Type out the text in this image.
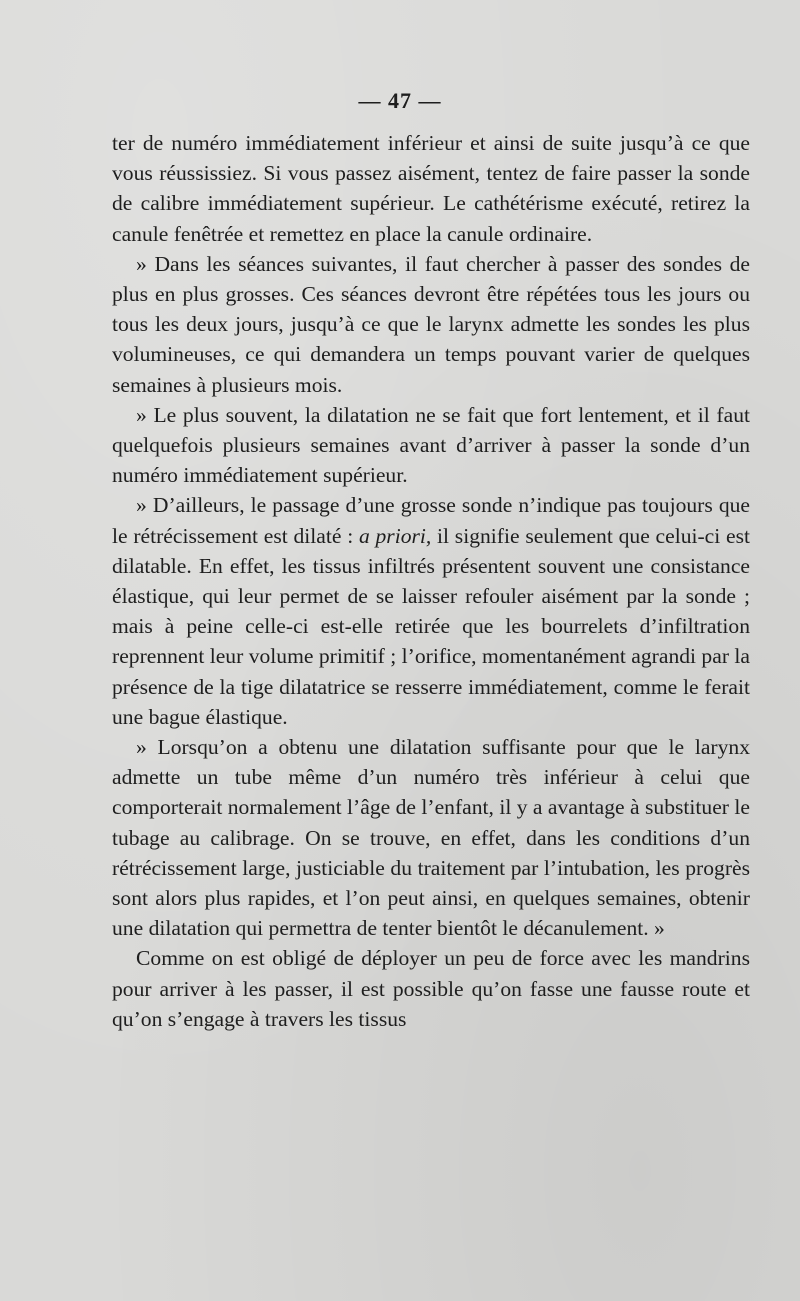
— 47 —

ter de numéro immédiatement inférieur et ainsi de suite jusqu’à ce que vous réussissiez. Si vous passez aisément, tentez de faire passer la sonde de calibre immédiatement supérieur. Le cathétérisme exécuté, retirez la canule fenêtrée et remettez en place la canule ordinaire.

» Dans les séances suivantes, il faut chercher à passer des sondes de plus en plus grosses. Ces séances devront être répétées tous les jours ou tous les deux jours, jusqu’à ce que le larynx admette les sondes les plus volumineuses, ce qui demandera un temps pouvant varier de quelques semaines à plusieurs mois.

» Le plus souvent, la dilatation ne se fait que fort lentement, et il faut quelquefois plusieurs semaines avant d’arriver à passer la sonde d’un numéro immédiatement supérieur.

» D’ailleurs, le passage d’une grosse sonde n’indique pas toujours que le rétrécissement est dilaté : a priori, il signifie seulement que celui-ci est dilatable. En effet, les tissus infiltrés présentent souvent une consistance élastique, qui leur permet de se laisser refouler aisément par la sonde ; mais à peine celle-ci est-elle retirée que les bourrelets d’infiltration reprennent leur volume primitif ; l’orifice, momentanément agrandi par la présence de la tige dilatatrice se resserre immédiatement, comme le ferait une bague élastique.

» Lorsqu’on a obtenu une dilatation suffisante pour que le larynx admette un tube même d’un numéro très inférieur à celui que comporterait normalement l’âge de l’enfant, il y a avantage à substituer le tubage au calibrage. On se trouve, en effet, dans les conditions d’un rétrécissement large, justiciable du traitement par l’intubation, les progrès sont alors plus rapides, et l’on peut ainsi, en quelques semaines, obtenir une dilatation qui permettra de tenter bientôt le décanulement. »

Comme on est obligé de déployer un peu de force avec les mandrins pour arriver à les passer, il est possible qu’on fasse une fausse route et qu’on s’engage à travers les tissus
